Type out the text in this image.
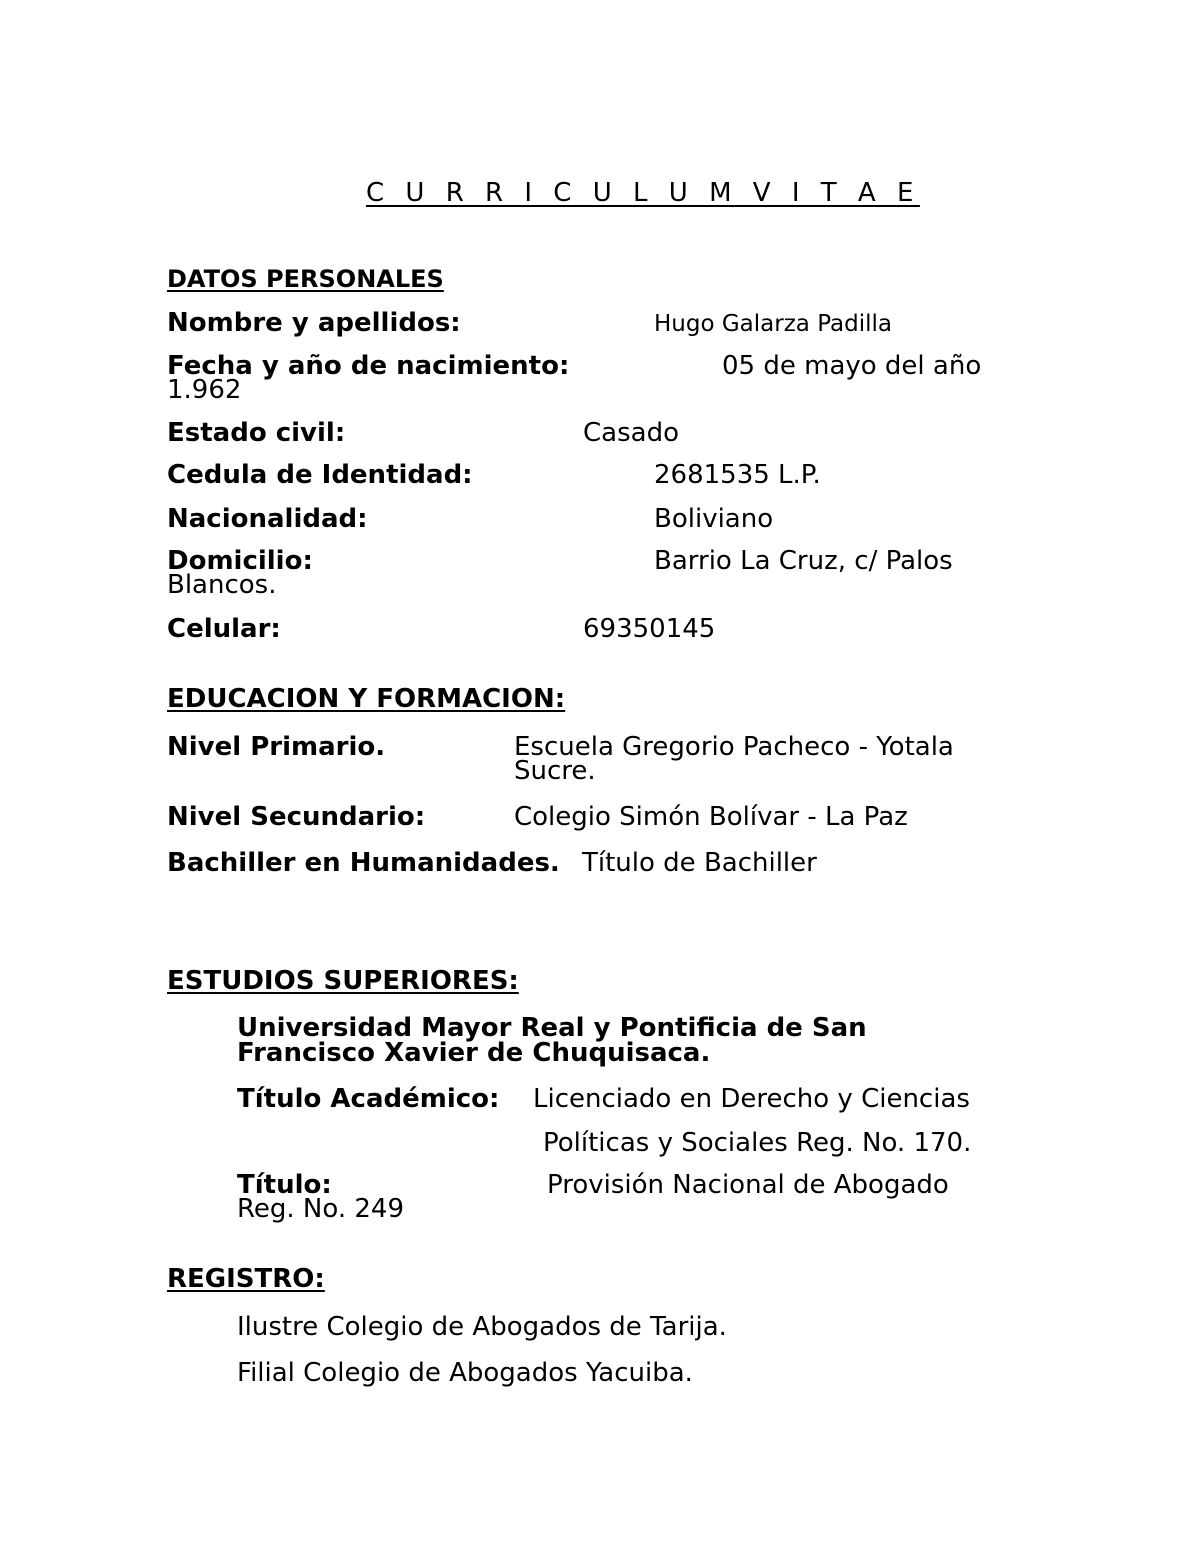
C U R R I C U L U M V I T A E
DATOS PERSONALES
Nombre y apellidos:	Hugo Galarza Padilla
Fecha y año de nacimiento:	05 de mayo del año
1.962
Estado civil:	Casado
Cedula de Identidad:	2681535 L.P.
Nacionalidad:	Boliviano
Domicilio:	Barrio La Cruz, c/ Palos
Blancos.
Celular:	69350145
EDUCACION Y FORMACION:
Nivel Primario.	Escuela Gregorio Pacheco - Yotala
Sucre.
Nivel Secundario:	Colegio Simón Bolívar - La Paz
Bachiller en Humanidades. Título de Bachiller
ESTUDIOS SUPERIORES:
Universidad Mayor Real y Pontificia de San
Francisco Xavier de Chuquisaca.
Título Académico: Licenciado en Derecho y Ciencias
Políticas y Sociales Reg. No. 170.
Título:	Provisión Nacional de Abogado
Reg. No. 249
REGISTRO:
Ilustre Colegio de Abogados de Tarija.
Filial Colegio de Abogados Yacuiba.
